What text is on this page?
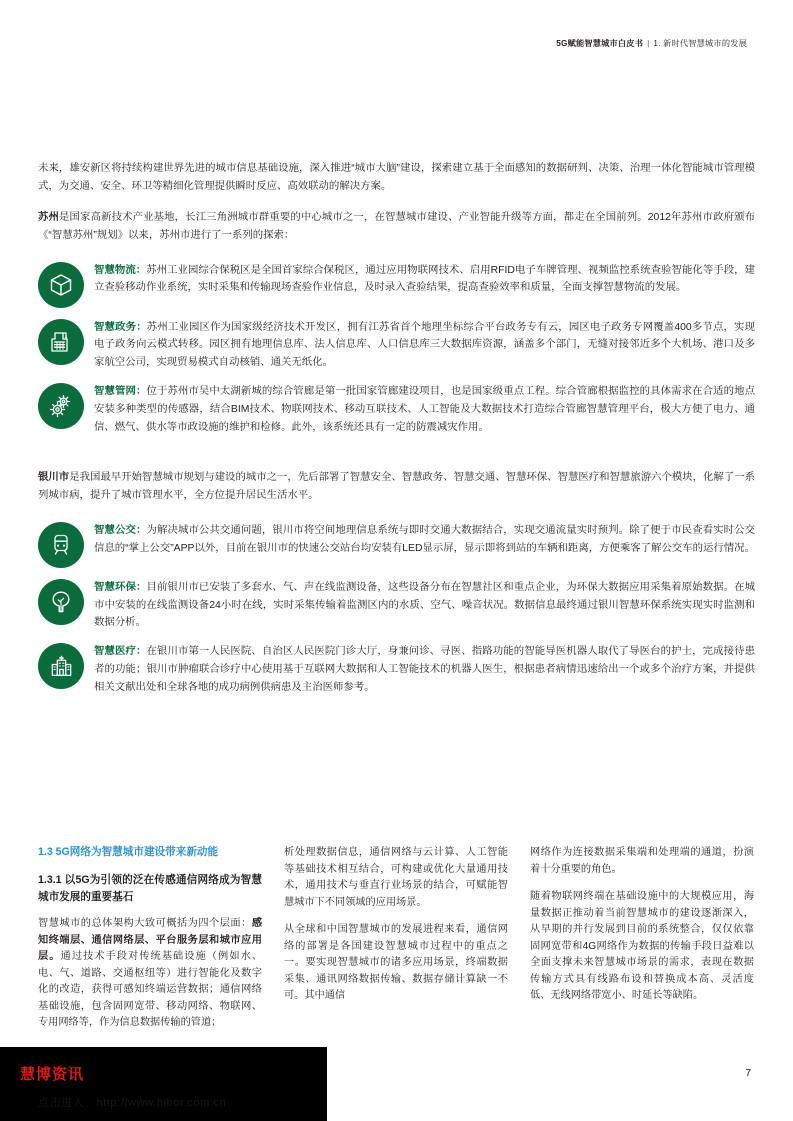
5G赋能智慧城市白皮书 | 1. 新时代智慧城市的发展

未来，雄安新区将持续构建世界先进的城市信息基础设施，深入推进“城市大脑”建设，探索建立基于全面感知的数据研判、决策、治理一体化智能城市管理模式，为交通、安全、环卫等精细化管理提供瞬时反应、高效联动的解决方案。

苏州是国家高新技术产业基地，长江三角洲城市群重要的中心城市之一，在智慧城市建设、产业智能升级等方面，都走在全国前列。2012年苏州市政府颁布《“智慧苏州”规划》以来，苏州市进行了一系列的探索：

智慧物流：苏州工业园综合保税区是全国首家综合保税区，通过应用物联网技术、启用RFID电子车牌管理、视频监控系统查验智能化等手段，建立查验移动作业系统，实时采集和传输现场查验作业信息，及时录入查验结果，提高查验效率和质量，全面支撑智慧物流的发展。
智慧政务：苏州工业园区作为国家级经济技术开发区，拥有江苏省首个地理坐标综合平台政务专有云，园区电子政务专网覆盖400多节点，实现电子政务向云模式转移。园区拥有地理信息库、法人信息库、人口信息库三大数据库资源，涵盖多个部门，无缝对接邻近多个大机场、港口及多家航空公司，实现贸易模式自动核销、通关无纸化。
智慧管网：位于苏州市吴中太湖新城的综合管廊是第一批国家管廊建设项目，也是国家级重点工程。综合管廊根据监控的具体需求在合适的地点安装多种类型的传感器，结合BIM技术、物联网技术、移动互联技术、人工智能及大数据技术打造综合管廊智慧管理平台，极大方便了电力、通信、燃气、供水等市政设施的维护和检修。此外，该系统还具有一定的防震减灾作用。

银川市是我国最早开始智慧城市规划与建设的城市之一，先后部署了智慧安全、智慧政务、智慧交通、智慧环保、智慧医疗和智慧旅游六个模块，化解了一系列城市病，提升了城市管理水平，全方位提升居民生活水平。

智慧公交：为解决城市公共交通问题，银川市将空间地理信息系统与即时交通大数据结合，实现交通流量实时预判。除了便于市民查看实时公交信息的“掌上公交”APP以外，目前在银川市的快速公交站台均安装有LED显示屏，显示即将到站的车辆和距离，方便乘客了解公交车的运行情况。
智慧环保：目前银川市已安装了多套水、气、声在线监测设备，这些设备分布在智慧社区和重点企业，为环保大数据应用采集着原始数据。在城市中安装的在线监测设备24小时在线，实时采集传输着监测区内的水质、空气、噪音状况。数据信息最终通过银川智慧环保系统实现实时监测和数据分析。
智慧医疗：在银川市第一人民医院、自治区人民医院门诊大厅，身兼问诊、寻医、指路功能的智能导医机器人取代了导医台的护士，完成接待患者的功能；银川市肿瘤联合诊疗中心使用基于互联网大数据和人工智能技术的机器人医生，根据患者病情迅速给出一个或多个治疗方案，并提供相关文献出处和全球各地的成功病例供病患及主治医师参考。

1.3 5G网络为智慧城市建设带来新动能

1.3.1 以5G为引领的泛在传感通信网络成为智慧城市发展的重要基石

智慧城市的总体架构大致可概括为四个层面：感知终端层、通信网络层、平台服务层和城市应用层。通过技术手段对传统基础设施（例如水、电、气、道路、交通枢纽等）进行智能化及数字化的改造，获得可感知终端运营数据；通信网络基础设施，包含固网宽带、移动网络、物联网、专用网络等，作为信息数据传输的管道；

析处理数据信息，通信网络与云计算、人工智能等基础技术相互结合，可构建或优化大量通用技术，通用技术与垂直行业场景的结合，可赋能智慧城市下不同领域的应用场景。

从全球和中国智慧城市的发展进程来看，通信网络的部署是各国建设智慧城市过程中的重点之一。要实现智慧城市的诸多应用场景，终端数据采集、通讯网络数据传输、数据存储计算缺一不可。其中通信

网络作为连接数据采集端和处理端的通道，扮演着十分重要的角色。

随着物联网终端在基础设施中的大规模应用，海量数据正推动着当前智慧城市的建设逐渐深入，从早期的并行发展到目前的系统整合，仅仅依靠固网宽带和4G网络作为数据的传输手段日益难以全面支撑未来智慧城市场景的需求，表现在数据传输方式具有线路布设和替换成本高、灵活度低、无线网络带宽小、时延长等缺陷。

慧博资讯
点击进入 http://www.hibor.com.cn
7
